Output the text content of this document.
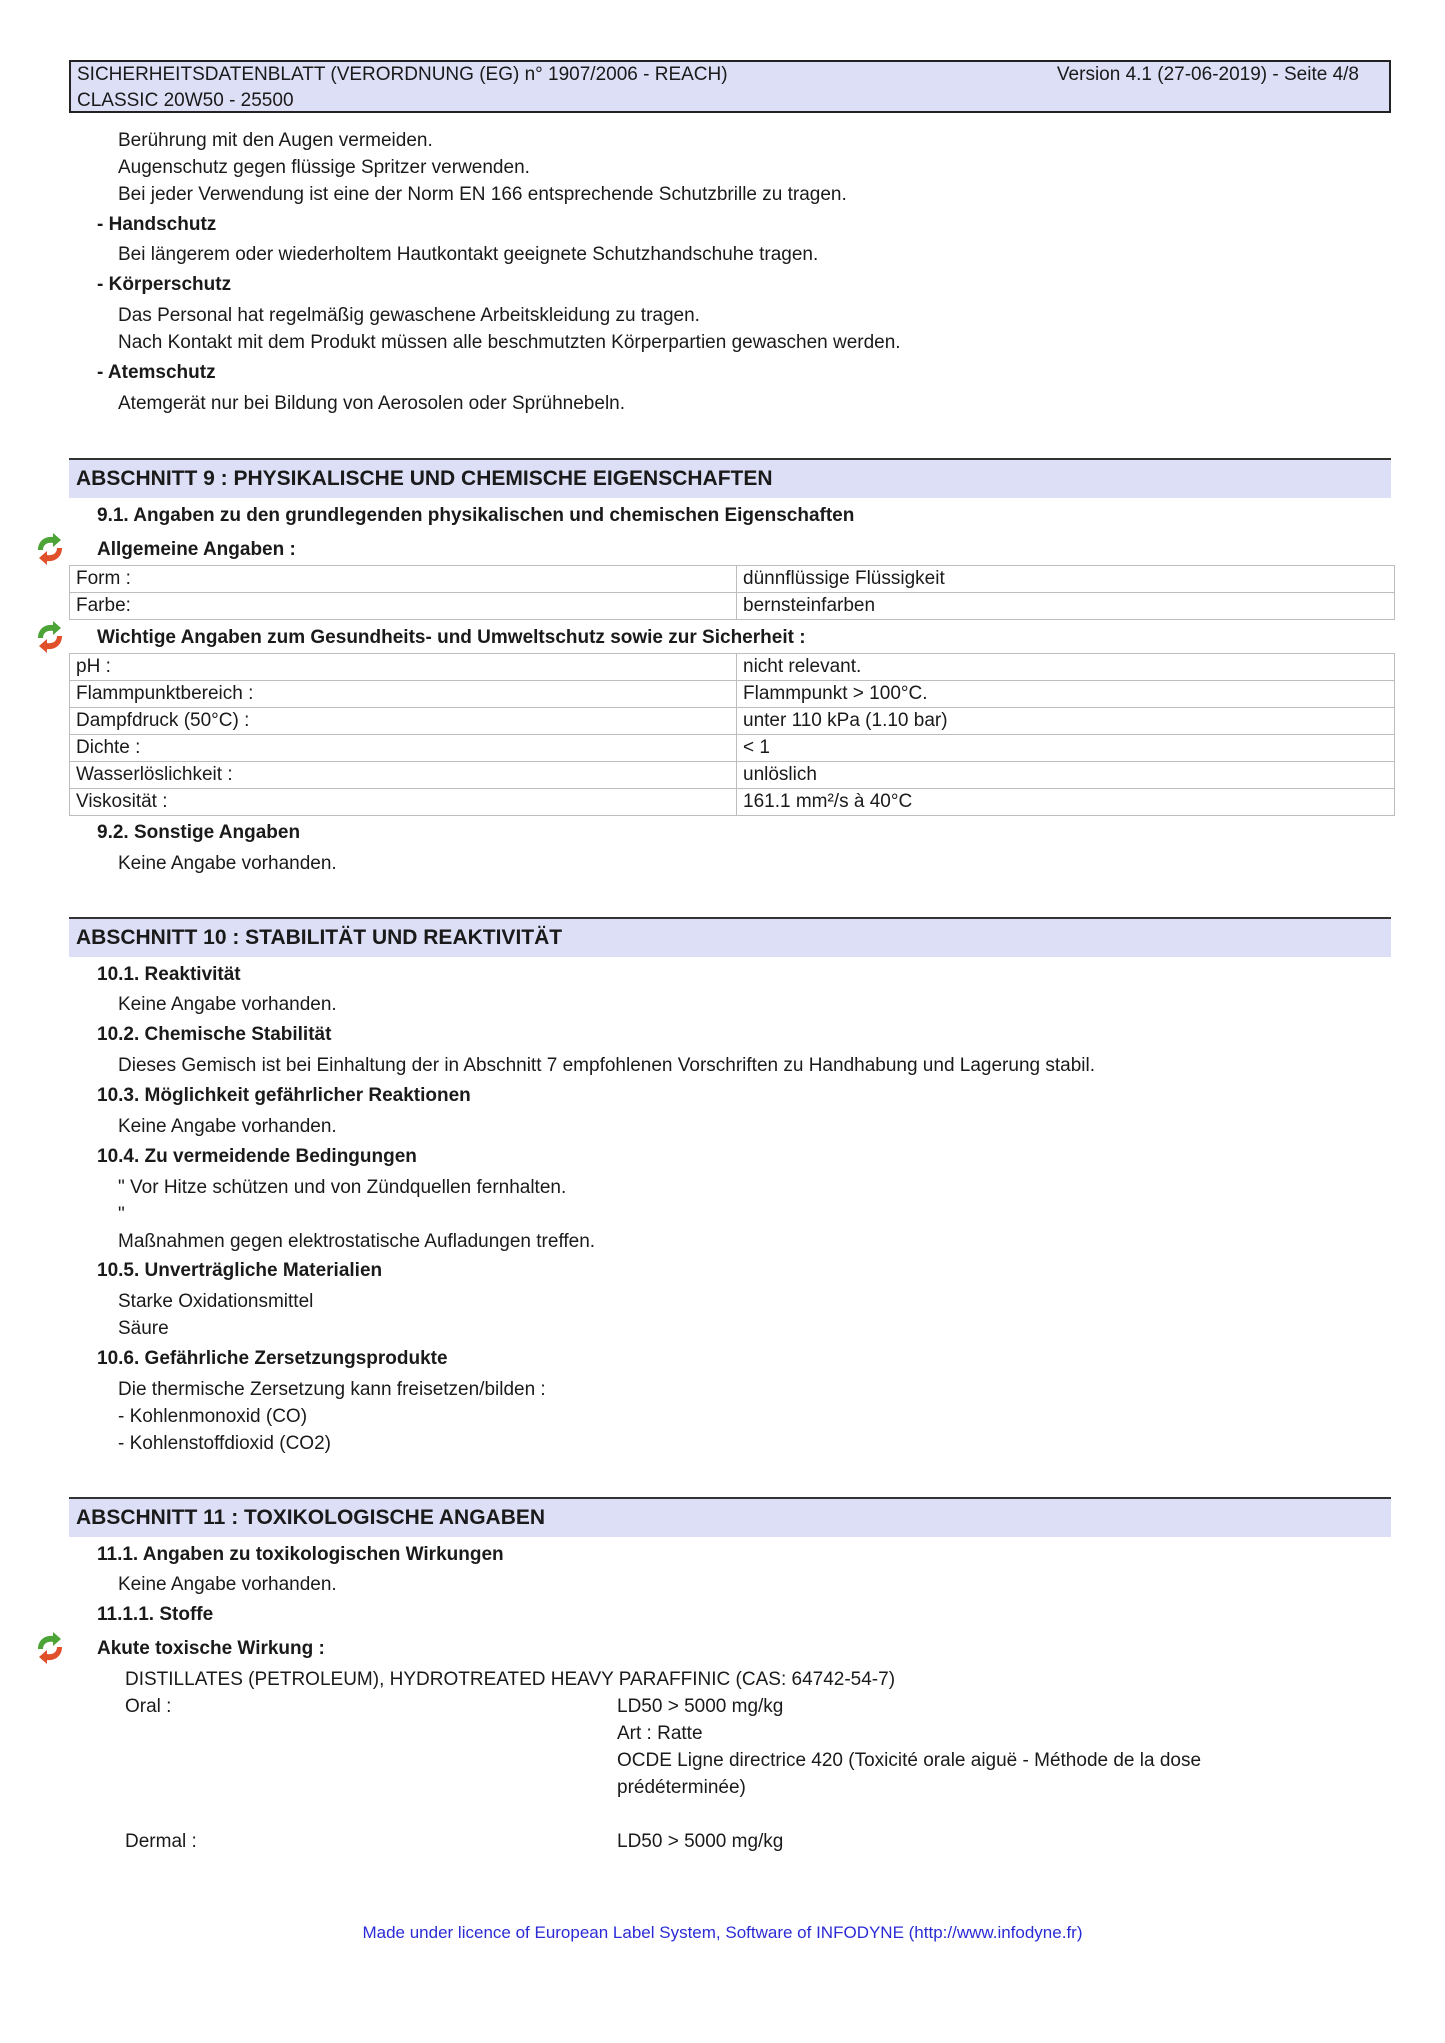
SICHERHEITSDATENBLATT (VERORDNUNG (EG) n° 1907/2006 - REACH)
CLASSIC 20W50 - 25500
Version 4.1 (27-06-2019) - Seite 4/8
Berührung mit den Augen vermeiden.
Augenschutz gegen flüssige Spritzer verwenden.
Bei jeder Verwendung ist eine der Norm EN 166 entsprechende Schutzbrille zu tragen.
- Handschutz
Bei längerem oder wiederholtem Hautkontakt geeignete Schutzhandschuhe tragen.
- Körperschutz
Das Personal hat regelmäßig gewaschene Arbeitskleidung zu tragen.
Nach Kontakt mit dem Produkt müssen alle beschmutzten Körperpartien gewaschen werden.
- Atemschutz
Atemgerät nur bei Bildung von Aerosolen oder Sprühnebeln.
ABSCHNITT 9 : PHYSIKALISCHE UND CHEMISCHE EIGENSCHAFTEN
9.1. Angaben zu den grundlegenden physikalischen und chemischen Eigenschaften
Allgemeine Angaben :
Form :	dünnflüssige Flüssigkeit
Farbe:	bernsteinfarben
Wichtige Angaben zum Gesundheits- und Umweltschutz sowie zur Sicherheit :
pH :	nicht relevant.
Flammpunktbereich :	Flammpunkt > 100°C.
Dampfdruck (50°C) :	unter 110 kPa (1.10 bar)
Dichte :	< 1
Wasserlöslichkeit :	unlöslich
Viskosität :	161.1 mm²/s à 40°C
9.2. Sonstige Angaben
Keine Angabe vorhanden.
ABSCHNITT 10 : STABILITÄT UND REAKTIVITÄT
10.1. Reaktivität
Keine Angabe vorhanden.
10.2. Chemische Stabilität
Dieses Gemisch ist bei Einhaltung der in Abschnitt 7 empfohlenen Vorschriften zu Handhabung und Lagerung stabil.
10.3. Möglichkeit gefährlicher Reaktionen
Keine Angabe vorhanden.
10.4. Zu vermeidende Bedingungen
" Vor Hitze schützen und von Zündquellen fernhalten.
"
Maßnahmen gegen elektrostatische Aufladungen treffen.
10.5. Unverträgliche Materialien
Starke Oxidationsmittel
Säure
10.6. Gefährliche Zersetzungsprodukte
Die thermische Zersetzung kann freisetzen/bilden :
- Kohlenmonoxid (CO)
- Kohlenstoffdioxid (CO2)
ABSCHNITT 11 : TOXIKOLOGISCHE ANGABEN
11.1. Angaben zu toxikologischen Wirkungen
Keine Angabe vorhanden.
11.1.1. Stoffe
Akute toxische Wirkung :
DISTILLATES (PETROLEUM), HYDROTREATED HEAVY PARAFFINIC (CAS: 64742-54-7)
Oral :	LD50 > 5000 mg/kg
Art : Ratte
OCDE Ligne directrice 420 (Toxicité orale aiguë - Méthode de la dose
prédéterminée)
Dermal :	LD50 > 5000 mg/kg
Made under licence of European Label System, Software of INFODYNE (http://www.infodyne.fr)
